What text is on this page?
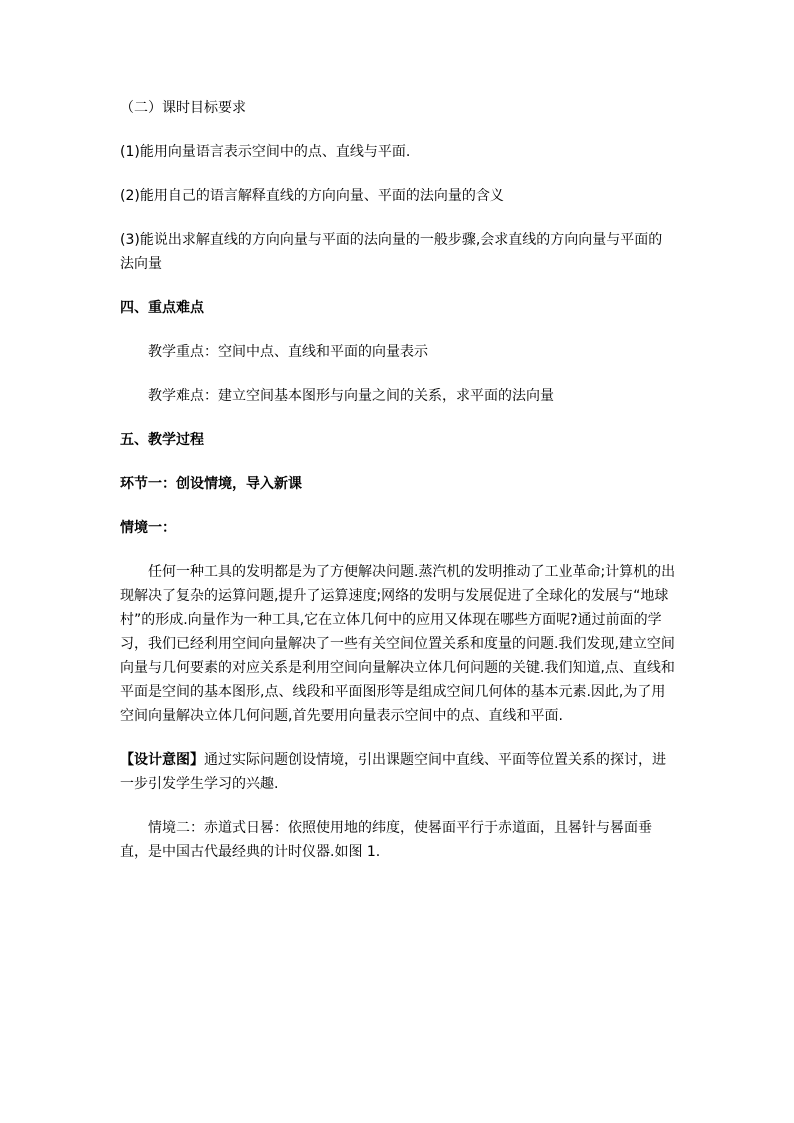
（二）课时目标要求

(1)能用向量语言表示空间中的点、直线与平面.

(2)能用自己的语言解释直线的方向向量、平面的法向量的含义

(3)能说出求解直线的方向向量与平面的法向量的一般步骤,会求直线的方向向量与平面的法向量

四、重点难点

教学重点：空间中点、直线和平面的向量表示

教学难点：建立空间基本图形与向量之间的关系，求平面的法向量

五、教学过程

环节一：创设情境，导入新课

情境一：

任何一种工具的发明都是为了方便解决问题.蒸汽机的发明推动了工业革命;计算机的出现解决了复杂的运算问题,提升了运算速度;网络的发明与发展促进了全球化的发展与“地球村”的形成.向量作为一种工具,它在立体几何中的应用又体现在哪些方面呢?通过前面的学习，我们已经利用空间向量解决了一些有关空间位置关系和度量的问题.我们发现,建立空间向量与几何要素的对应关系是利用空间向量解决立体几何问题的关键.我们知道,点、直线和平面是空间的基本图形,点、线段和平面图形等是组成空间几何体的基本元素.因此,为了用空间向量解决立体几何问题,首先要用向量表示空间中的点、直线和平面.

【设计意图】通过实际问题创设情境，引出课题空间中直线、平面等位置关系的探讨，进一步引发学生学习的兴趣.

情境二：赤道式日晷：依照使用地的纬度，使晷面平行于赤道面，且晷针与晷面垂直，是中国古代最经典的计时仪器.如图 1.
